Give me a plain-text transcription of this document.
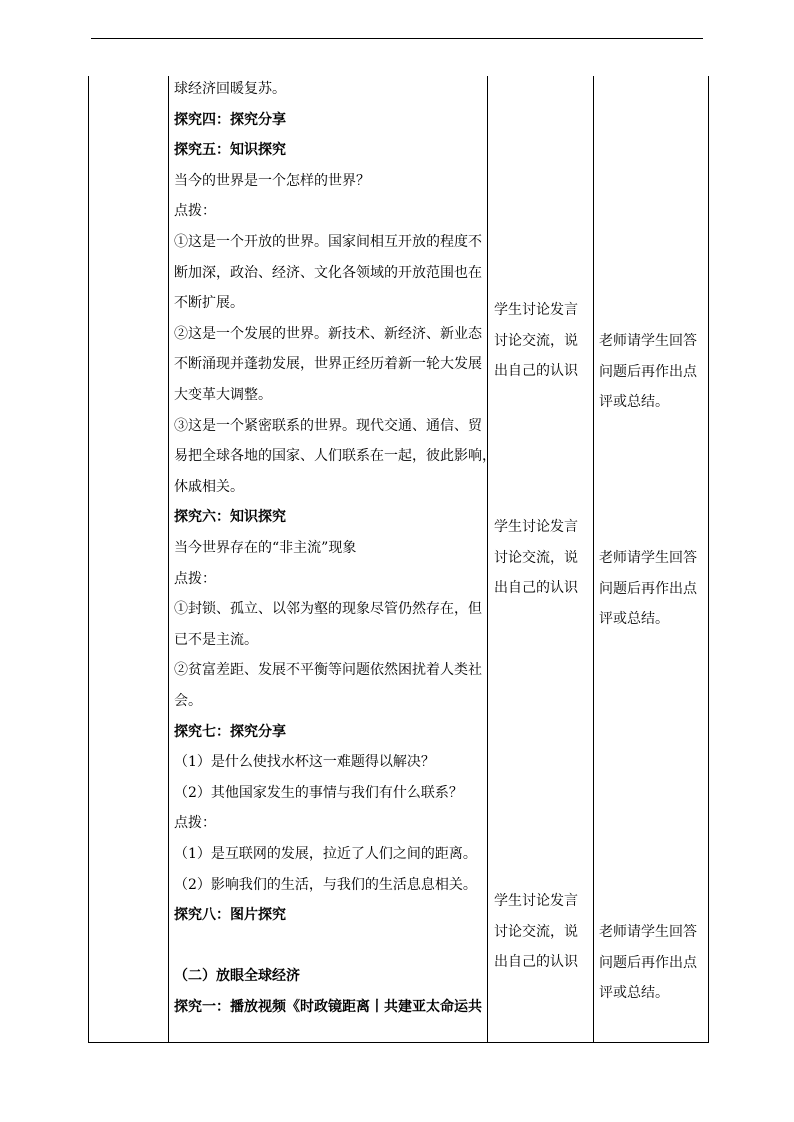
球经济回暖复苏。
探究四：探究分享
探究五：知识探究
当今的世界是一个怎样的世界？
点拨：
①这是一个开放的世界。国家间相互开放的程度不
断加深，政治、经济、文化各领域的开放范围也在
不断扩展。
②这是一个发展的世界。新技术、新经济、新业态
不断涌现并蓬勃发展，世界正经历着新一轮大发展
大变革大调整。
③这是一个紧密联系的世界。现代交通、通信、贸
易把全球各地的国家、人们联系在一起，彼此影响，
休戚相关。
探究六：知识探究
当今世界存在的“非主流”现象
点拨：
①封锁、孤立、以邻为壑的现象尽管仍然存在，但
已不是主流。
②贫富差距、发展不平衡等问题依然困扰着人类社
会。
探究七：探究分享
（1）是什么使找水杯这一难题得以解决？
（2）其他国家发生的事情与我们有什么联系？
点拨：
（1）是互联网的发展，拉近了人们之间的距离。
（2）影响我们的生活，与我们的生活息息相关。
探究八：图片探究
（二）放眼全球经济
探究一：播放视频《时政镜距离丨共建亚太命运共
学生讨论发言
讨论交流，说
出自己的认识
学生讨论发言
讨论交流，说
出自己的认识
学生讨论发言
讨论交流，说
出自己的认识
老师请学生回答
问题后再作出点
评或总结。
老师请学生回答
问题后再作出点
评或总结。
老师请学生回答
问题后再作出点
评或总结。
